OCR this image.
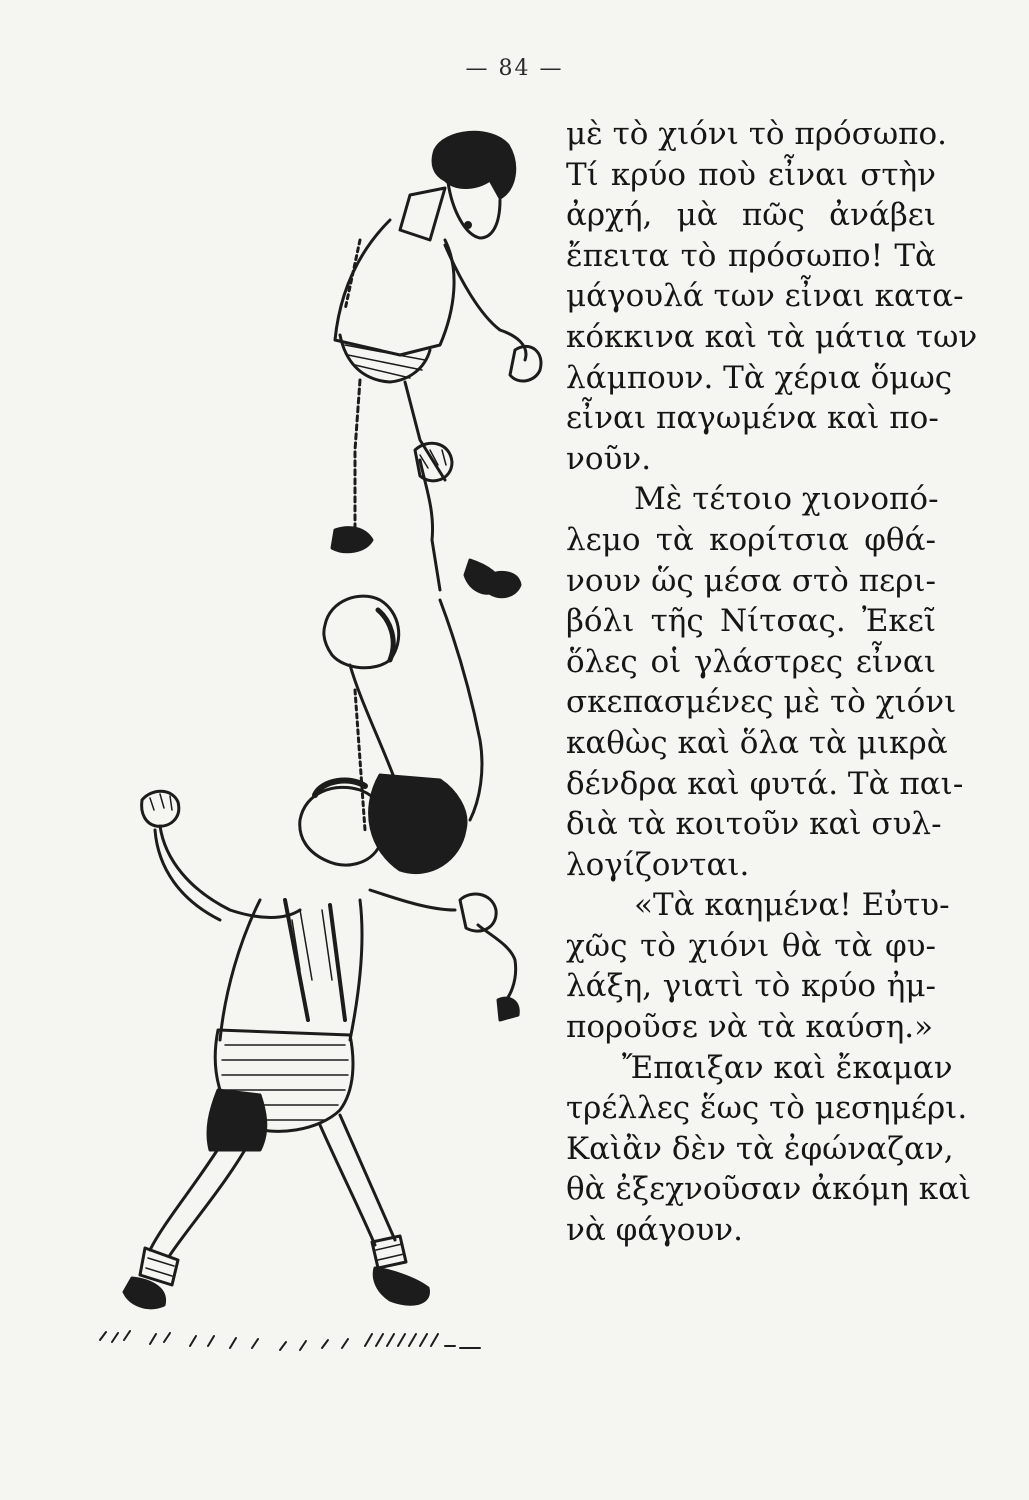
— 84 —
μὲ τὸ χιόνι τὸ πρόσωπο.
Τί κρύο ποὺ εἶναι στὴν
ἀρχή, μὰ πῶς ἀνάβει
ἔπειτα τὸ πρόσωπο! Τὰ
μάγουλά των εἶναι κατα-
κόκκινα καὶ τὰ μάτια των
λάμπουν. Τὰ χέρια ὅμως
εἶναι παγωμένα καὶ πο-
νοῦν.
Μὲ τέτοιο χιονοπό-
λεμο τὰ κορίτσια φθά-
νουν ὥς μέσα στὸ περι-
βόλι τῆς Νίτσας. Ἐκεῖ
ὅλες οἱ γλάστρες εἶναι
σκεπασμένες μὲ τὸ χιόνι
καθὼς καὶ ὅλα τὰ μικρὰ
δένδρα καὶ φυτά. Τὰ παι-
διὰ τὰ κοιτοῦν καὶ συλ-
λογίζονται.
«Τὰ καημένα! Εὐτυ-
χῶς τὸ χιόνι θὰ τὰ φυ-
λάξη, γιατὶ τὸ κρύο ἠμ-
ποροῦσε νὰ τὰ καύση.»
Ἔπαιξαν καὶ ἔκαμαν
τρέλλες ἕως τὸ μεσημέρι.
Καὶἂν δὲν τὰ ἐφώναζαν,
θὰ ἐξεχνοῦσαν ἀκόμη καὶ
νὰ φάγουν.
